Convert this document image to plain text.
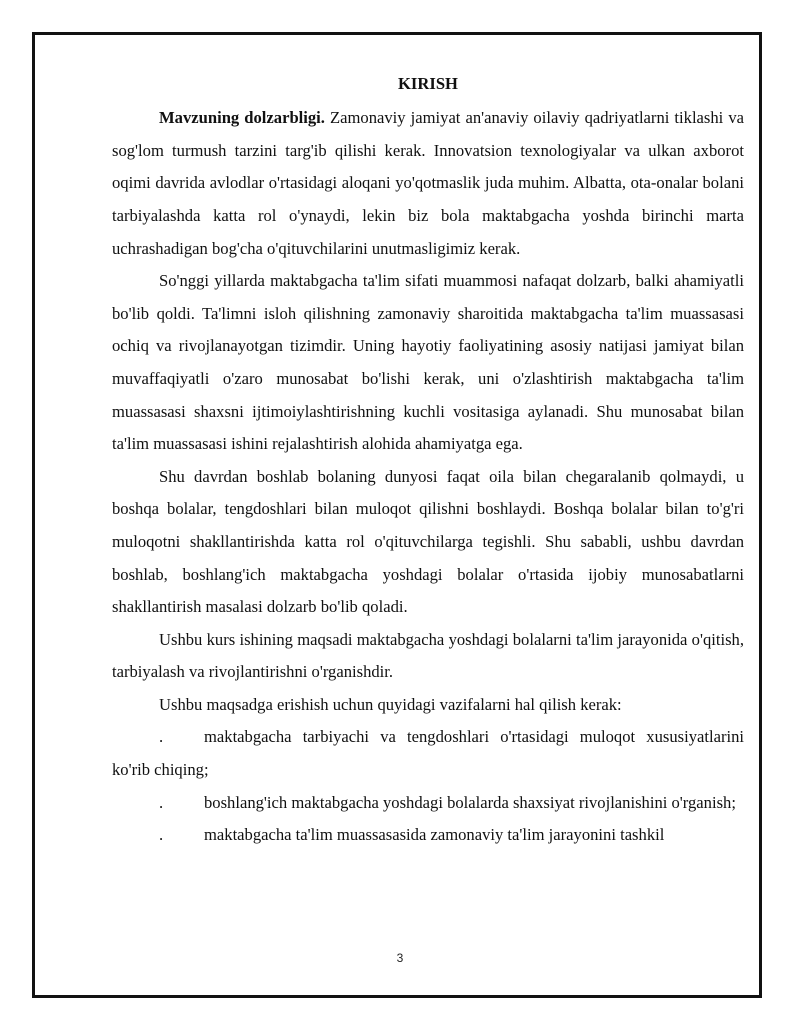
KIRISH

Mavzuning dolzarbligi. Zamonaviy jamiyat an'anaviy oilaviy qadriyatlarni tiklashi va sog'lom turmush tarzini targ'ib qilishi kerak. Innovatsion texnologiyalar va ulkan axborot oqimi davrida avlodlar o'rtasidagi aloqani yo'qotmaslik juda muhim. Albatta, ota-onalar bolani tarbiyalashda katta rol o'ynaydi, lekin biz bola maktabgacha yoshda birinchi marta uchrashadigan bog'cha o'qituvchilarini unutmasligimiz kerak.

So'nggi yillarda maktabgacha ta'lim sifati muammosi nafaqat dolzarb, balki ahamiyatli bo'lib qoldi. Ta'limni isloh qilishning zamonaviy sharoitida maktabgacha ta'lim muassasasi ochiq va rivojlanayotgan tizimdir. Uning hayotiy faoliyatining asosiy natijasi jamiyat bilan muvaffaqiyatli o'zaro munosabat bo'lishi kerak, uni o'zlashtirish maktabgacha ta'lim muassasasi shaxsni ijtimoiylashtirishning kuchli vositasiga aylanadi. Shu munosabat bilan ta'lim muassasasi ishini rejalashtirish alohida ahamiyatga ega.

Shu davrdan boshlab bolaning dunyosi faqat oila bilan chegaralanib qolmaydi, u boshqa bolalar, tengdoshlari bilan muloqot qilishni boshlaydi. Boshqa bolalar bilan to'g'ri muloqotni shakllantirishda katta rol o'qituvchilarga tegishli. Shu sababli, ushbu davrdan boshlab, boshlang'ich maktabgacha yoshdagi bolalar o'rtasida ijobiy munosabatlarni shakllantirish masalasi dolzarb bo'lib qoladi.

Ushbu kurs ishining maqsadi maktabgacha yoshdagi bolalarni ta'lim jarayonida o'qitish, tarbiyalash va rivojlantirishni o'rganishdir.

Ushbu maqsadga erishish uchun quyidagi vazifalarni hal qilish kerak:

. maktabgacha tarbiyachi va tengdoshlari o'rtasidagi muloqot xususiyatlarini ko'rib chiqing;

. boshlang'ich maktabgacha yoshdagi bolalarda shaxsiyat rivojlanishini o'rganish;

. maktabgacha ta'lim muassasasida zamonaviy ta'lim jarayonini tashkil

3
